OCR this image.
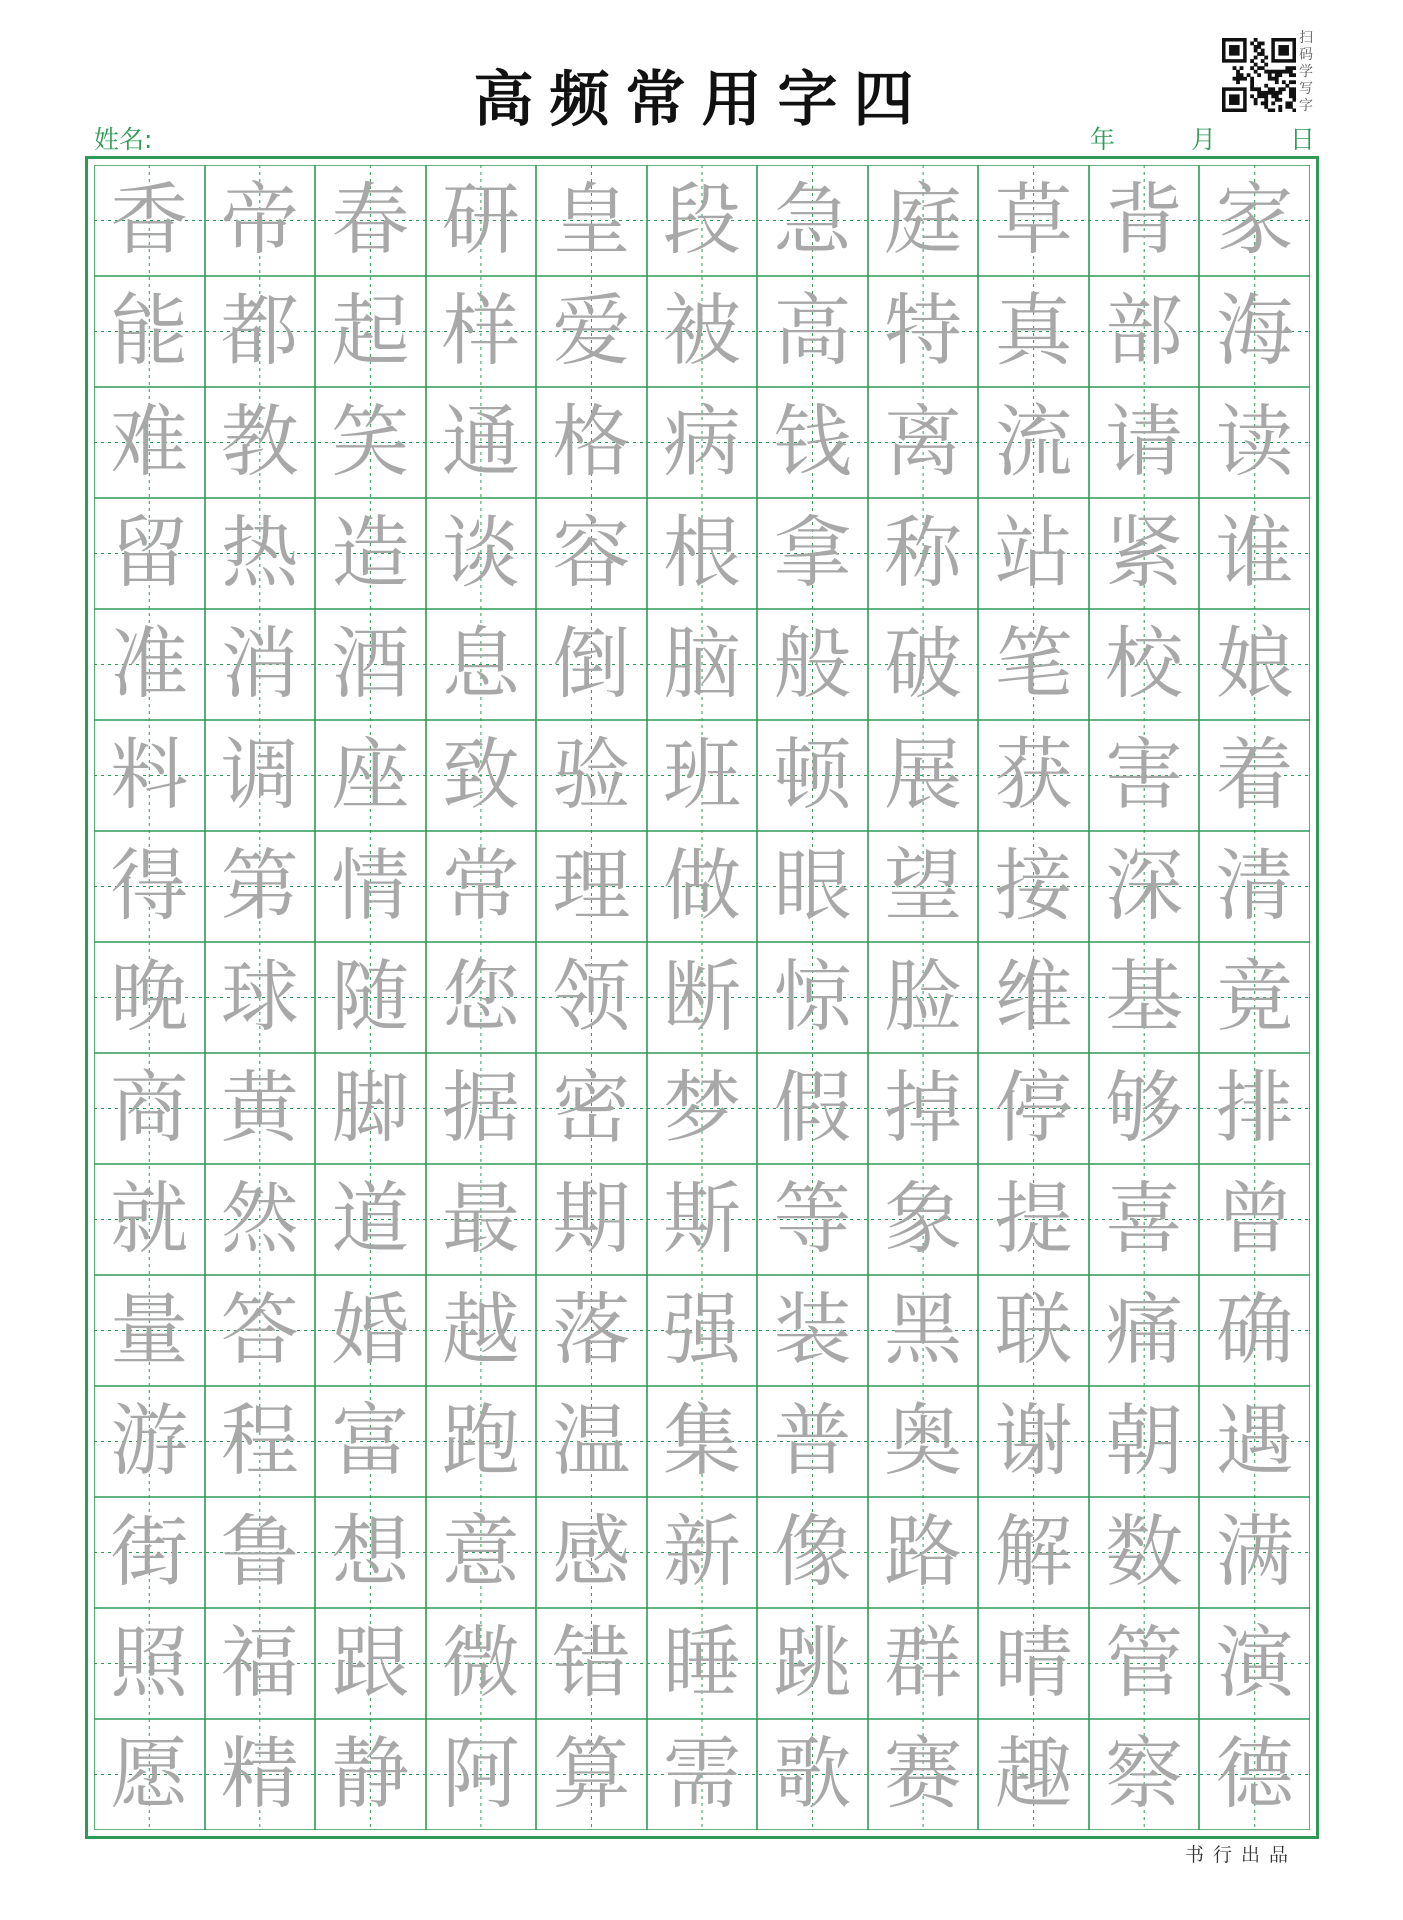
高频常用字四
扫
码
学
写
字
姓名:	年	月	日
香 帝 春 研 皇 段 急 庭 草 背 家
能 都 起 样 爱 被 高 特 真 部 海
难 教 笑 通 格 病 钱 离 流 请 读
留 热 造 谈 容 根 拿 称 站 紧 谁
准 消 酒 息 倒 脑 般 破 笔 校 娘
料 调 座 致 验 班 顿 展 获 害 着
得 第 情 常 理 做 眼 望 接 深 清
晚 球 随 您 领 断 惊 脸 维 基 竟
商 黄 脚 据 密 梦 假 掉 停 够 排
就 然 道 最 期 斯 等 象 提 喜 曾
量 答 婚 越 落 强 装 黑 联 痛 确
游 程 富 跑 温 集 普 奥 谢 朝 遇
街 鲁 想 意 感 新 像 路 解 数 满
照 福 跟 微 错 睡 跳 群 晴 管 演
愿 精 静 阿 算 需 歌 赛 趣 察 德
书行出品
